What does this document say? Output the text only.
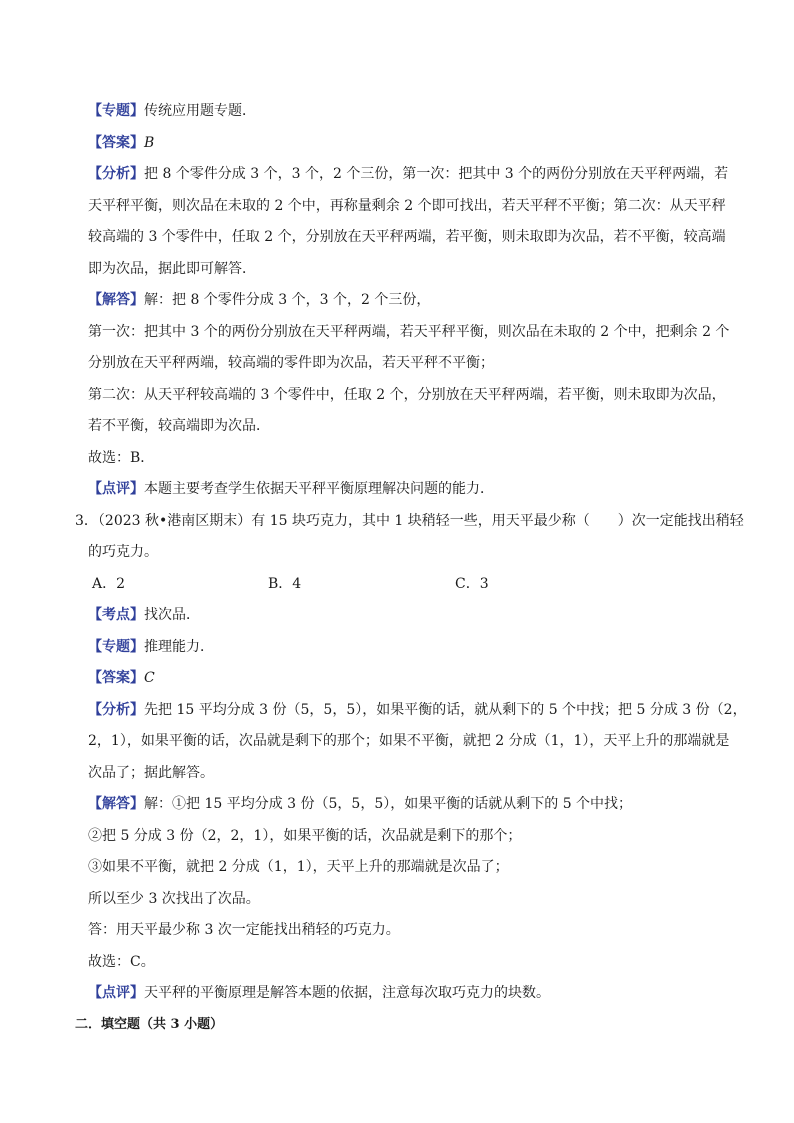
【专题】传统应用题专题．
【答案】B
【分析】把 8 个零件分成 3 个，3 个，2 个三份，第一次：把其中 3 个的两份分别放在天平秤两端，若
天平秤平衡，则次品在未取的 2 个中，再称量剩余 2 个即可找出，若天平秤不平衡；第二次：从天平秤
较高端的 3 个零件中，任取 2 个，分别放在天平秤两端，若平衡，则未取即为次品，若不平衡，较高端
即为次品，据此即可解答．
【解答】解：把 8 个零件分成 3 个，3 个，2 个三份，
第一次：把其中 3 个的两份分别放在天平秤两端，若天平秤平衡，则次品在未取的 2 个中，把剩余 2 个
分别放在天平秤两端，较高端的零件即为次品，若天平秤不平衡；
第二次：从天平秤较高端的 3 个零件中，任取 2 个，分别放在天平秤两端，若平衡，则未取即为次品，
若不平衡，较高端即为次品．
故选：B．
【点评】本题主要考查学生依据天平秤平衡原理解决问题的能力．
3．（2023 秋•港南区期末）有 15 块巧克力，其中 1 块稍轻一些，用天平最少称（　　）次一定能找出稍轻
的巧克力。
A．2	B．4	C．3
【考点】找次品．
【专题】推理能力．
【答案】C
【分析】先把 15 平均分成 3 份（5，5，5），如果平衡的话，就从剩下的 5 个中找；把 5 分成 3 份（2，
2，1），如果平衡的话，次品就是剩下的那个；如果不平衡，就把 2 分成（1，1），天平上升的那端就是
次品了；据此解答。
【解答】解：①把 15 平均分成 3 份（5，5，5），如果平衡的话就从剩下的 5 个中找；
②把 5 分成 3 份（2，2，1），如果平衡的话，次品就是剩下的那个；
③如果不平衡，就把 2 分成（1，1），天平上升的那端就是次品了；
所以至少 3 次找出了次品。
答：用天平最少称 3 次一定能找出稍轻的巧克力。
故选：C。
【点评】天平秤的平衡原理是解答本题的依据，注意每次取巧克力的块数。
二．填空题（共 3 小题）
